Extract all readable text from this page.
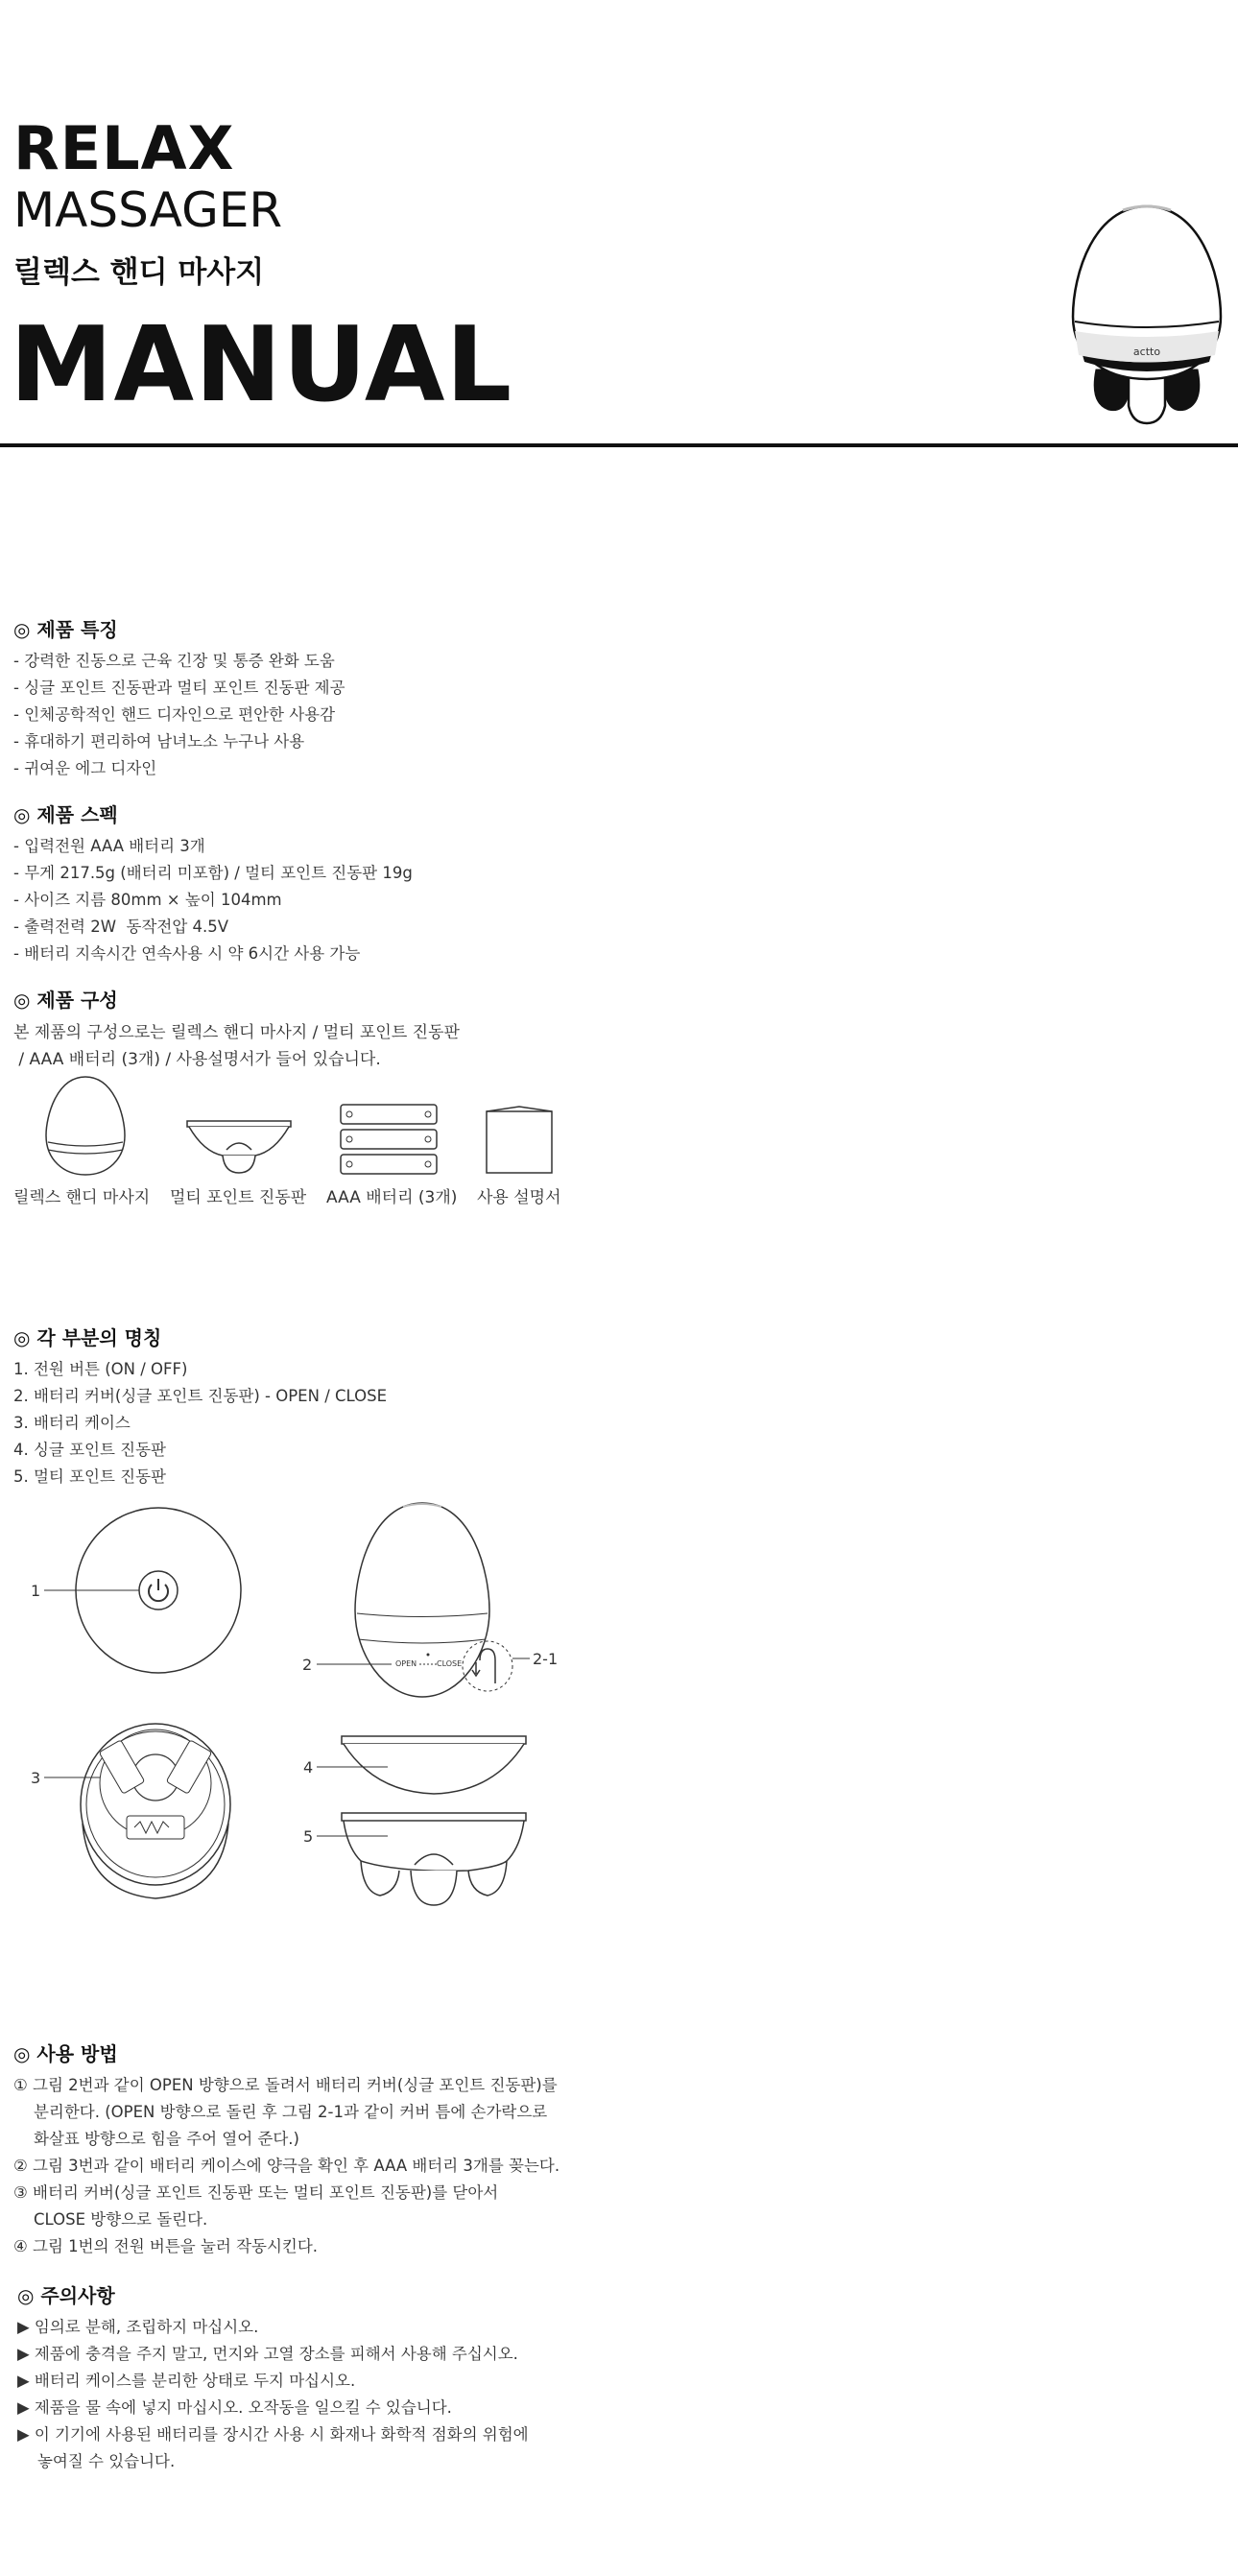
RELAX
MASSAGER
릴렉스 핸디 마사지
MANUAL	actto
◎ 제품 특징
- 강력한 진동으로 근육 긴장 및 통증 완화 도움
- 싱글 포인트 진동판과 멀티 포인트 진동판 제공
- 인체공학적인 핸드 디자인으로 편안한 사용감
- 휴대하기 편리하여 남녀노소 누구나 사용
- 귀여운 에그 디자인
◎ 제품 스펙
- 입력전원 AAA 배터리 3개
- 무게 217.5g (배터리 미포함) / 멀티 포인트 진동판 19g
- 사이즈 지름 80mm × 높이 104mm
- 출력전력 2W  동작전압 4.5V
- 배터리 지속시간 연속사용 시 약 6시간 사용 가능
◎ 제품 구성
본 제품의 구성으로는 릴렉스 핸디 마사지 / 멀티 포인트 진동판
/ AAA 배터리 (3개) / 사용설명서가 들어 있습니다.
릴렉스 핸디 마사지 멀티 포인트 진동판 AAA 배터리 (3개) 사용 설명서
◎ 각 부분의 명칭
1. 전원 버튼 (ON / OFF)
2. 배터리 커버(싱글 포인트 진동판) - OPEN / CLOSE
3. 배터리 케이스
4. 싱글 포인트 진동판
5. 멀티 포인트 진동판
1
OPEN	CLOSE
2	2-1
3
4
5
◎ 사용 방법
① 그림 2번과 같이 OPEN 방향으로 돌려서 배터리 커버(싱글 포인트 진동판)를
분리한다. (OPEN 방향으로 돌린 후 그림 2-1과 같이 커버 틈에 손가락으로
화살표 방향으로 힘을 주어 열어 준다.)
② 그림 3번과 같이 배터리 케이스에 양극을 확인 후 AAA 배터리 3개를 꽂는다.
③ 배터리 커버(싱글 포인트 진동판 또는 멀티 포인트 진동판)를 닫아서
CLOSE 방향으로 돌린다.
④ 그림 1번의 전원 버튼을 눌러 작동시킨다.
◎ 주의사항
▶ 임의로 분해, 조립하지 마십시오.
▶ 제품에 충격을 주지 말고, 먼지와 고열 장소를 피해서 사용해 주십시오.
▶ 배터리 케이스를 분리한 상태로 두지 마십시오.
▶ 제품을 물 속에 넣지 마십시오. 오작동을 일으킬 수 있습니다.
▶ 이 기기에 사용된 배터리를 장시간 사용 시 화재나 화학적 점화의 위험에
놓여질 수 있습니다.
